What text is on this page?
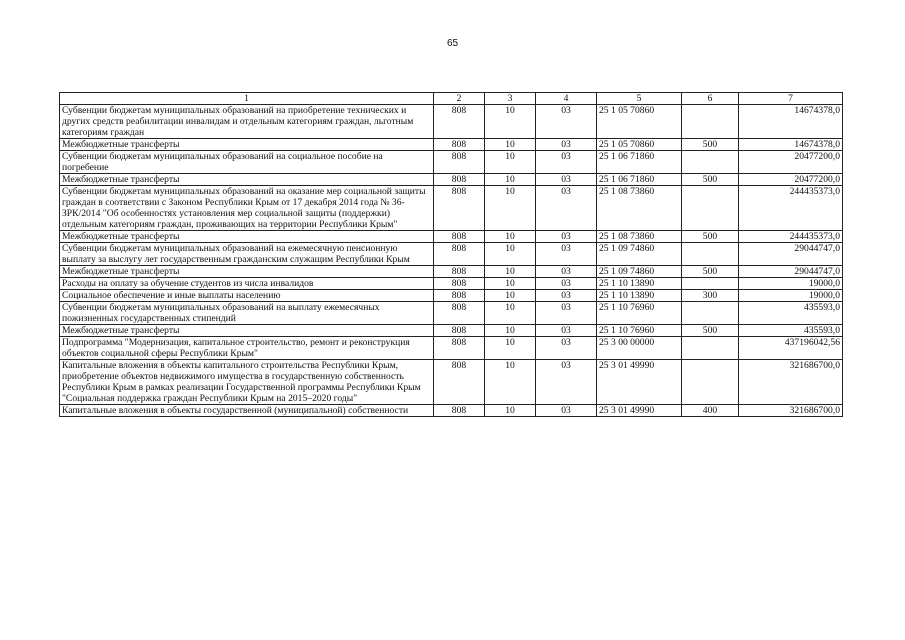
65
1	2	3	4	5	6	7
Субвенции бюджетам муниципальных образований на приобретение технических и других средств реабилитации инвалидам и отдельным категориям граждан, льготным категориям граждан	808	10	03	25 1 05 70860		14674378,0
Межбюджетные трансферты	808	10	03	25 1 05 70860	500	14674378,0
Субвенции бюджетам муниципальных образований на социальное пособие на погребение	808	10	03	25 1 06 71860		20477200,0
Межбюджетные трансферты	808	10	03	25 1 06 71860	500	20477200,0
Субвенции бюджетам муниципальных образований на оказание мер социальной защиты граждан в соответствии с Законом Республики Крым от 17 декабря 2014 года № 36-ЗРК/2014 "Об особенностях установления мер социальной защиты (поддержки) отдельным категориям граждан, проживающих на территории Республики Крым"	808	10	03	25 1 08 73860		244435373,0
Межбюджетные трансферты	808	10	03	25 1 08 73860	500	244435373,0
Субвенции бюджетам муниципальных образований на ежемесячную пенсионную выплату за выслугу лет государственным гражданским служащим Республики Крым	808	10	03	25 1 09 74860		29044747,0
Межбюджетные трансферты	808	10	03	25 1 09 74860	500	29044747,0
Расходы на оплату за обучение студентов из числа инвалидов	808	10	03	25 1 10 13890		19000,0
Социальное обеспечение и иные выплаты населению	808	10	03	25 1 10 13890	300	19000,0
Субвенции бюджетам муниципальных образований на выплату ежемесячных пожизненных государственных стипендий	808	10	03	25 1 10 76960		435593,0
Межбюджетные трансферты	808	10	03	25 1 10 76960	500	435593,0
Подпрограмма "Модернизация, капитальное строительство, ремонт и реконструкция объектов социальной сферы Республики Крым"	808	10	03	25 3 00 00000		437196042,56
Капитальные вложения в объекты капитального строительства Республики Крым, приобретение объектов недвижимого имущества в государственную собственность Республики Крым в рамках реализации Государственной программы Республики Крым "Социальная поддержка граждан Республики Крым на 2015–2020 годы"	808	10	03	25 3 01 49990		321686700,0
Капитальные вложения в объекты государственной (муниципальной) собственности	808	10	03	25 3 01 49990	400	321686700,0
